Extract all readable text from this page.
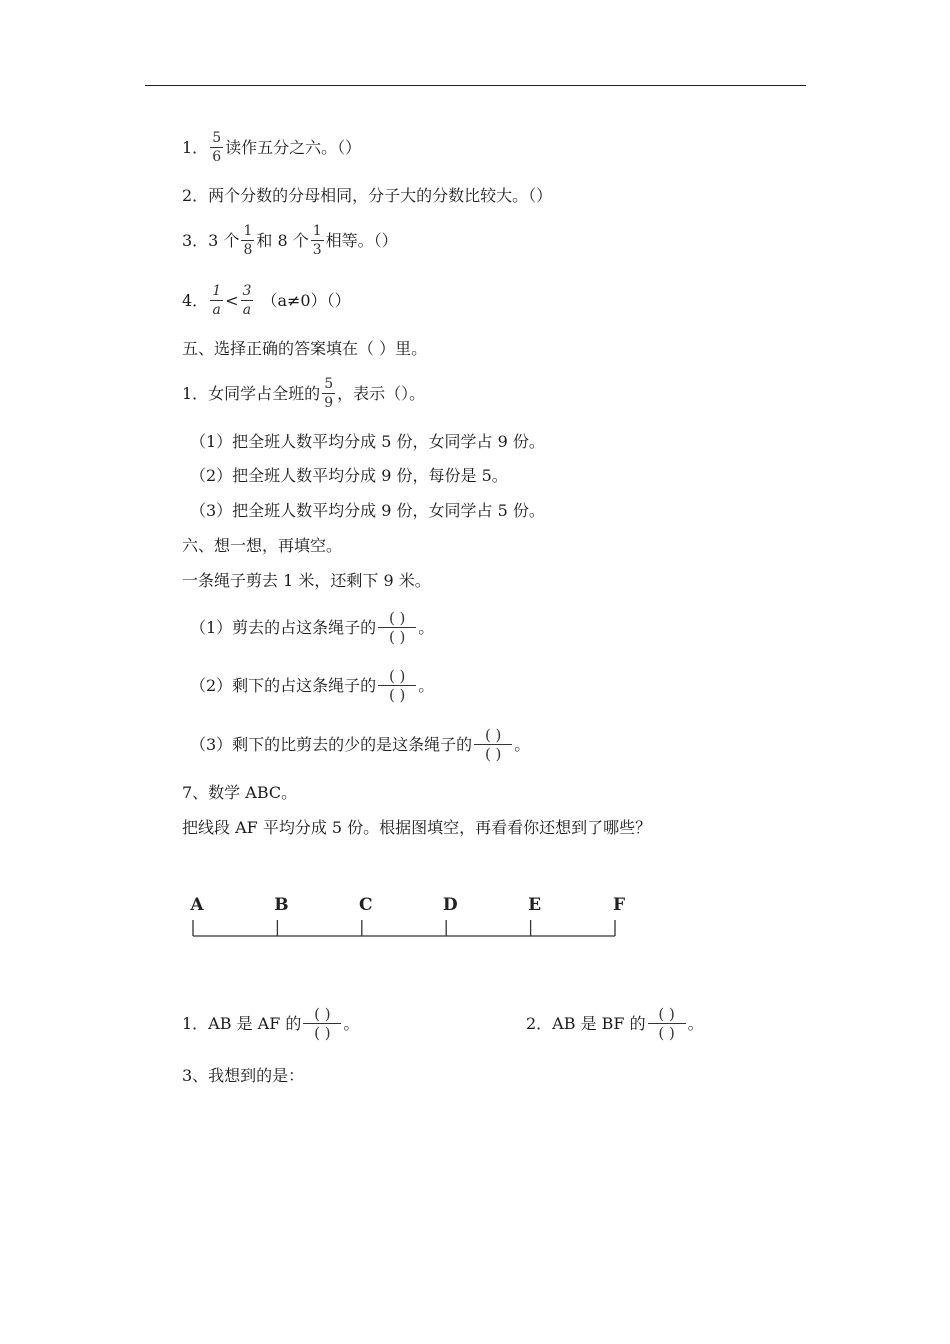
1． $\frac{5}{6}$ 读作五分之六。（）
2．两个分数的分母相同，分子大的分数比较大。（）
3．3 个 $\frac{1}{8}$ 和 8 个 $\frac{1}{3}$ 相等。（）
4． $\frac{1}{a} < \frac{3}{a} (a\ne 0)()$
五、选择正确的答案填在（ ）里。
1．女同学占全班的 $\frac{5}{9}$ ，表示（）。
（1）把全班人数平均分成 5 份，女同学占 9 份。
（2）把全班人数平均分成 9 份，每份是 5。
（3）把全班人数平均分成 9 份，女同学占 5 份。
六、想一想，再填空。
一条绳子剪去 1 米，还剩下 9 米。
（1）剪去的占这条绳子的 $\frac{( )}{( )}$ 。
（2）剩下的占这条绳子的 $\frac{( )}{( )}$ 。
（3）剩下的比剪去的少的是这条绳子的 $\frac{( )}{( )}$ 。
7、数学 ABC。
把线段 AF 平均分成 5 份。根据图填空，再看看你还想到了哪些？
A	B	C	D	E	F
1．AB 是 AF 的 $\frac{( )}{( )}$ 。	2．AB 是 BF 的 $\frac{( )}{( )}$ 。
3、我想到的是：
